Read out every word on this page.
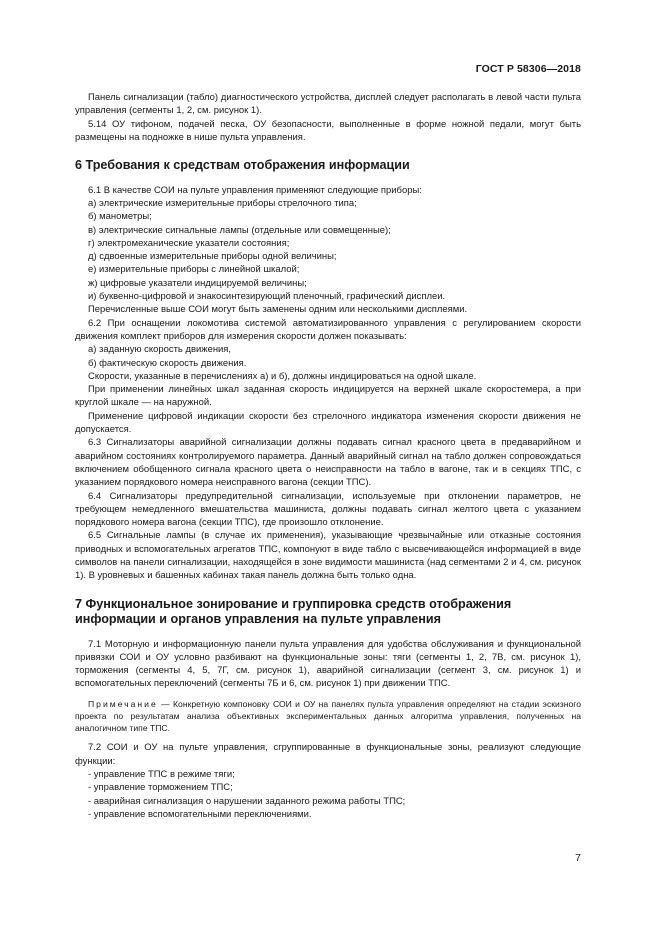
ГОСТ Р 58306—2018

Панель сигнализации (табло) диагностического устройства, дисплей следует располагать в левой части пульта управления (сегменты 1, 2, см. рисунок 1).

5.14 ОУ тифоном, подачей песка, ОУ безопасности, выполненные в форме ножной педали, могут быть размещены на подножке в нише пульта управления.

6 Требования к средствам отображения информации

6.1 В качестве СОИ на пульте управления применяют следующие приборы:

а) электрические измерительные приборы стрелочного типа;

б) манометры;

в) электрические сигнальные лампы (отдельные или совмещенные);

г) электромеханические указатели состояния;

д) сдвоенные измерительные приборы одной величины;

е) измерительные приборы с линейной шкалой;

ж) цифровые указатели индицируемой величины;

и) буквенно-цифровой и знакосинтезирующий пленочный, графический дисплеи.

Перечисленные выше СОИ могут быть заменены одним или несколькими дисплеями.

6.2 При оснащении локомотива системой автоматизированного управления с регулированием скорости движения комплект приборов для измерения скорости должен показывать:

а) заданную скорость движения,

б) фактическую скорость движения.

Скорости, указанные в перечислениях а) и б), должны индицироваться на одной шкале.

При применении линейных шкал заданная скорость индицируется на верхней шкале скоростемера, а при круглой шкале — на наружной.

Применение цифровой индикации скорости без стрелочного индикатора изменения скорости движения не допускается.

6.3 Сигнализаторы аварийной сигнализации должны подавать сигнал красного цвета в предаварийном и аварийном состояниях контролируемого параметра. Данный аварийный сигнал на табло должен сопровождаться включением обобщенного сигнала красного цвета о неисправности на табло в вагоне, так и в секциях ТПС, с указанием порядкового номера неисправного вагона (секции ТПС).

6.4 Сигнализаторы предупредительной сигнализации, используемые при отклонении параметров, не требующем немедленного вмешательства машиниста, должны подавать сигнал желтого цвета с указанием порядкового номера вагона (секции ТПС), где произошло отклонение.

6.5 Сигнальные лампы (в случае их применения), указывающие чрезвычайные или отказные состояния приводных и вспомогательных агрегатов ТПС, компонуют в виде табло с высвечивающейся информацией в виде символов на панели сигнализации, находящейся в зоне видимости машиниста (над сегментами 2 и 4, см. рисунок 1). В уровневых и башенных кабинах такая панель должна быть только одна.

7 Функциональное зонирование и группировка средств отображения информации и органов управления на пульте управления

7.1 Моторную и информационную панели пульта управления для удобства обслуживания и функциональной привязки СОИ и ОУ условно разбивают на функциональные зоны: тяги (сегменты 1, 2, 7В, см. рисунок 1), торможения (сегменты 4, 5, 7Г, см. рисунок 1), аварийной сигнализации (сегмент 3, см. рисунок 1) и вспомогательных переключений (сегменты 7Б и 6, см. рисунок 1) при движении ТПС.

Примечание — Конкретную компоновку СОИ и ОУ на панелях пульта управления определяют на стадии эскизного проекта по результатам анализа объективных экспериментальных данных алгоритма управления, полученных на аналогичном типе ТПС.

7.2 СОИ и ОУ на пульте управления, сгруппированные в функциональные зоны, реализуют следующие функции:

- управление ТПС в режиме тяги;
- управление торможением ТПС;
- аварийная сигнализация о нарушении заданного режима работы ТПС;
- управление вспомогательными переключениями.
7
